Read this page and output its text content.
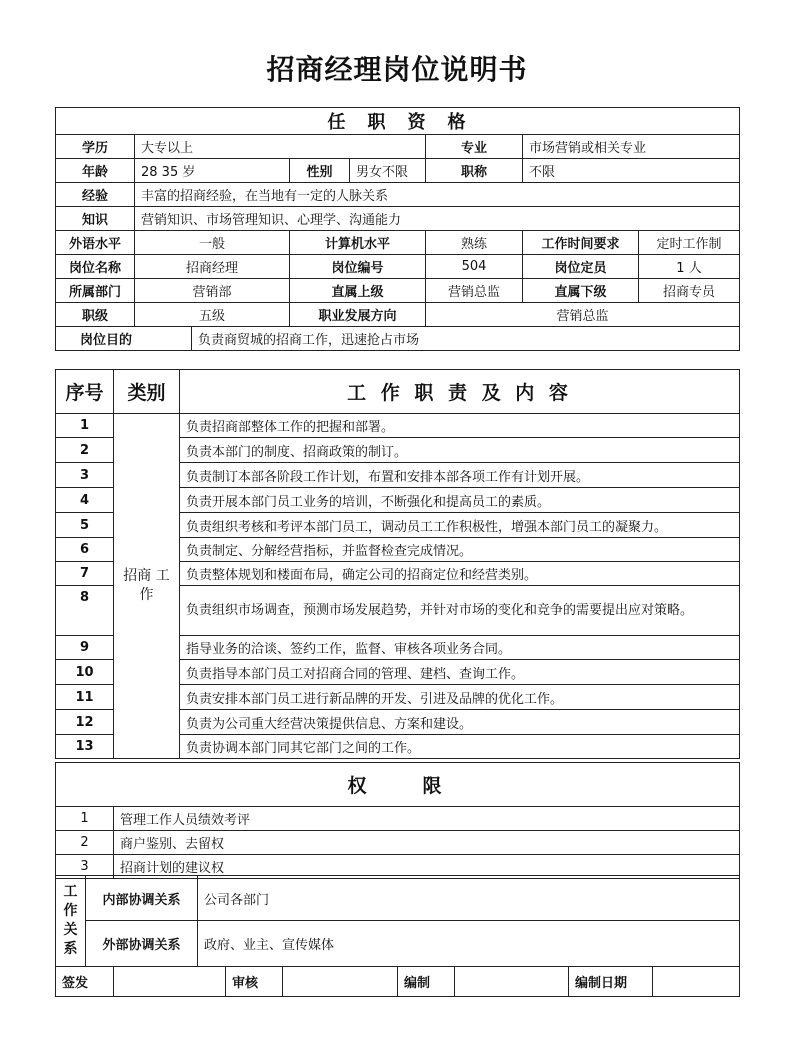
招商经理岗位说明书
任　职　资　格							
学历	大专以上				专业	市场营销或相关专业	
年龄	28 35 岁		性别	男女不限	职称	不限	
经验	丰富的招商经验，在当地有一定的人脉关系						
知识	营销知识、市场管理知识、心理学、沟通能力						
外语水平	一般		计算机水平		熟练	工作时间要求	定时工作制
岗位名称	招商经理		岗位编号		504	岗位定员	1 人
所属部门	营销部		直属上级		营销总监	直属下级	招商专员
职级	五级		职业发展方向		营销总监		

岗位目的		负责商贸城的招商工作，迅速抢占市场					
序号	类别	工 作 职 责 及 内 容
1	招商 工作	负责招商部整体工作的把握和部署。
2		负责本部门的制度、招商政策的制订。
3		负责制订本部各阶段工作计划，布置和安排本部各项工作有计划开展。
4		负责开展本部门员工业务的培训，不断强化和提高员工的素质。
5		负责组织考核和考评本部门员工，调动员工工作积极性，增强本部门员工的凝聚力。
6		负责制定、分解经营指标，并监督检查完成情况。
7		负责整体规划和楼面布局，确定公司的招商定位和经营类别。
8		负责组织市场调查，预测市场发展趋势，并针对市场的变化和竞争的需要提出应对策略。
9		指导业务的洽谈、签约工作，监督、审核各项业务合同。
10		负责指导本部门员工对招商合同的管理、建档、查询工作。
11		负责安排本部门员工进行新品牌的开发、引进及品牌的优化工作。
12		负责为公司重大经营决策提供信息、方案和建设。
13		负责协调本部门同其它部门之间的工作。
权　　限	
1	管理工作人员绩效考评
2	商户鉴别、去留权
3	招商计划的建议权
工作关系	内部协调关系	公司各部门
	外部协调关系	政府、业主、宣传媒体
签发		审核		编制		编制日期	
